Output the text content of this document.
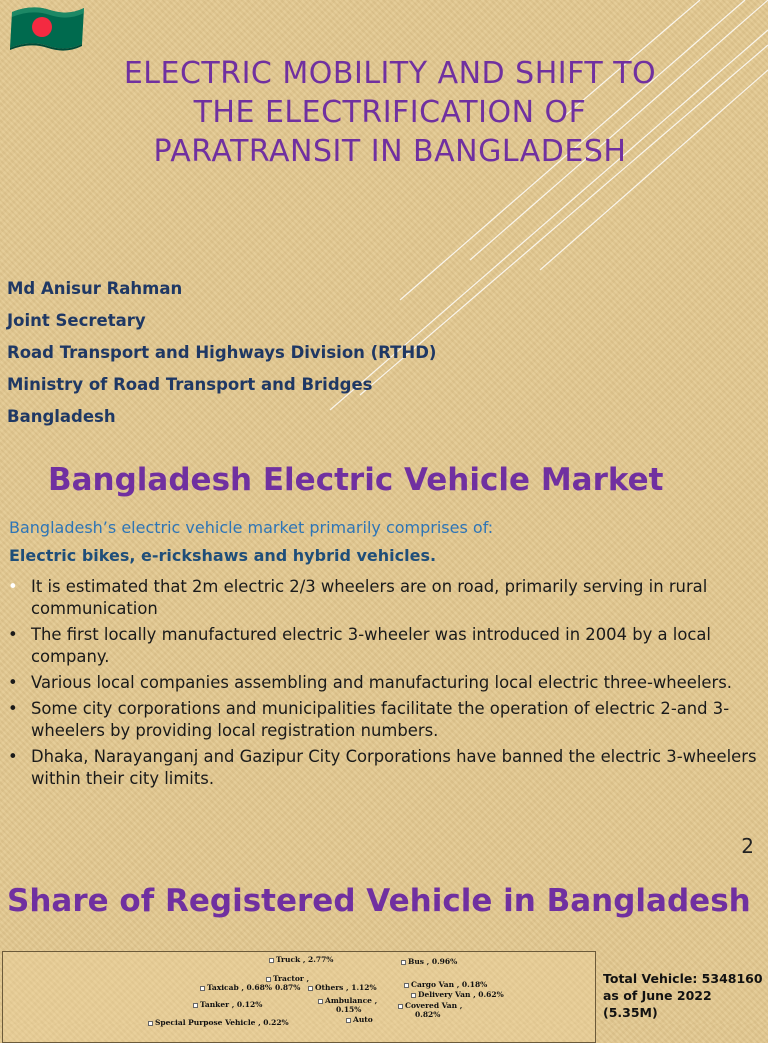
ELECTRIC MOBILITY AND SHIFT TO
THE ELECTRIFICATION OF
PARATRANSIT IN BANGLADESH
Md Anisur Rahman
Joint Secretary
Road Transport and Highways Division (RTHD)
Ministry of Road Transport and Bridges
Bangladesh
Bangladesh Electric Vehicle Market
Bangladesh’s electric vehicle market primarily comprises of:
Electric bikes, e-rickshaws and hybrid vehicles.
• It is estimated that 2m electric 2/3 wheelers are on road, primarily serving in rural communication
• The first locally manufactured electric 3-wheeler was introduced in 2004 by a local company.
• Various local companies assembling and manufacturing local electric three-wheelers.
• Some city corporations and municipalities facilitate the operation of electric 2-and 3-wheelers by providing local registration numbers.
• Dhaka, Narayanganj and Gazipur City Corporations have banned the electric 3-wheelers within their city limits.
2
Share of Registered Vehicle in Bangladesh
Truck , 2.77%	Bus , 0.96%
Tractor ,
0.87%
Taxicab , 0.68%	Others , 1.12%	Cargo Van , 0.18%
Delivery Van , 0.62%
Tanker , 0.12%	Ambulance ,
0.15%	Covered Van ,
0.82%
Special Purpose Vehicle , 0.22%	Auto
Total Vehicle: 5348160
as of June 2022
(5.35M)
